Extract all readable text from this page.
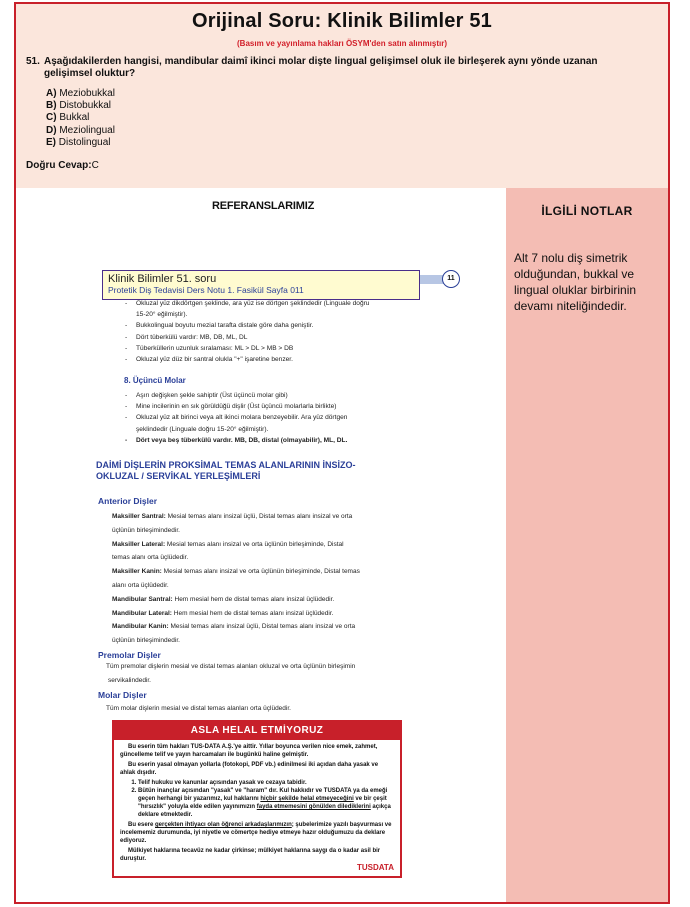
Orijinal Soru: Klinik Bilimler 51
(Basım ve yayınlama hakları ÖSYM'den satın alınmıştır)
51. Aşağıdakilerden hangisi, mandibular daimî ikinci molar dişte lingual gelişimsel oluk ile birleşerek aynı yönde uzanan gelişimsel oluktur?
A) Meziobukkal
B) Distobukkal
C) Bukkal
D) Meziolingual
E) Distolingual
Doğru Cevap:C
REFERANSLARIMIZ	İLGİLİ NOTLAR
Alt 7 nolu diş simetrik olduğundan, bukkal ve lingual oluklar birbirinin devamı niteliğindedir.
Klinik Bilimler 51. soru
Protetik Diş Tedavisi Ders Notu 1. Fasikül Sayfa 011
11
- Okluzal yüz dikdörtgen şeklinde, ara yüz ise dörtgen şeklindedir (Linguale doğru
15-20° eğilmiştir).
- Bukkolingual boyutu mezial tarafta distale göre daha geniştir.
- Dört tüberkülü vardır: MB, DB, ML, DL
- Tüberküllerin uzunluk sıralaması: ML > DL > MB > DB
- Okluzal yüz düz bir santral olukla "+" işaretine benzer.
8. Üçüncü Molar
- Aşırı değişken şekle sahiptir (Üst üçüncü molar gibi)
- Mine incilerinin en sık görüldüğü dişlir (Üst üçüncü molarlarla birlikte)
- Okluzal yüz alt birinci veya alt ikinci molara benzeyebilir. Ara yüz dörtgen
şeklindedir (Linguale doğru 15-20° eğilmiştir).
- Dört veya beş tüberkülü vardır. MB, DB, distal (olmayabilir), ML, DL.
DAİMİ DİŞLERİN PROKSİMAL TEMAS ALANLARININ İNSİZO-
OKLUZAL / SERVİKAL YERLEŞİMLERİ
Anterior Dişler
Maksiller Santral: Mesial temas alanı insizal üçlü, Distal temas alanı insizal ve orta
üçlünün birleşimindedir.
Maksiller Lateral: Mesial temas alanı insizal ve orta üçlünün birleşiminde, Distal
temas alanı orta üçlüdedir.
Maksiller Kanin: Mesial temas alanı insizal ve orta üçlünün birleşiminde, Distal temas
alanı orta üçlüdedir.
Mandibular Santral: Hem mesial hem de distal temas alanı insizal üçlüdedir.
Mandibular Lateral: Hem mesial hem de distal temas alanı insizal üçlüdedir.
Mandibular Kanin: Mesial temas alanı insizal üçlü, Distal temas alanı insizal ve orta
üçlünün birleşimindedir.
Premolar Dişler
Tüm premolar dişlerin mesial ve distal temas alanları okluzal ve orta üçlünün birleşimin
servikalindedir.
Molar Dişler
Tüm molar dişlerin mesial ve distal temas alanları orta üçlüdedir.
ASLA HELAL ETMİYORUZ

Bu eserin tüm hakları TUS-DATA A.Ş.'ye aittir. Yıllar boyunca verilen nice emek, zahmet, güncelleme telif ve yayın harcamaları ile bugünkü haline gelmiştir.

Bu eserin yasal olmayan yollarla (fotokopi, PDF vb.) edinilmesi iki açıdan daha yasak ve ahlak dışıdır.

1. Telif hukuku ve kanunlar açısından yasak ve cezaya tabidir.
2. Bütün inançlar açısından "yasak" ve "haram" dır. Kul hakkıdır ve TUSDATA ya da emeği geçen herhangi bir yazarımız, kul haklarını hiçbir şekilde helal etmeyeceğini ve bir çeşit "hırsızlık" yoluyla elde edilen yayınımızın fayda etmemesini gönülden dilediklerini açıkça deklare etmektedir.

Bu esere gerçekten ihtiyacı olan öğrenci arkadaşlarımızın; şubelerimize yazılı başvurması ve incelememiz durumunda, iyi niyetle ve cömertçe hediye etmeye hazır olduğumuzu da deklare ediyoruz.

Mülkiyet haklarına tecavüz ne kadar çirkinse; mülkiyet haklarına saygı da o kadar asil bir duruştur.

TUSDATA
